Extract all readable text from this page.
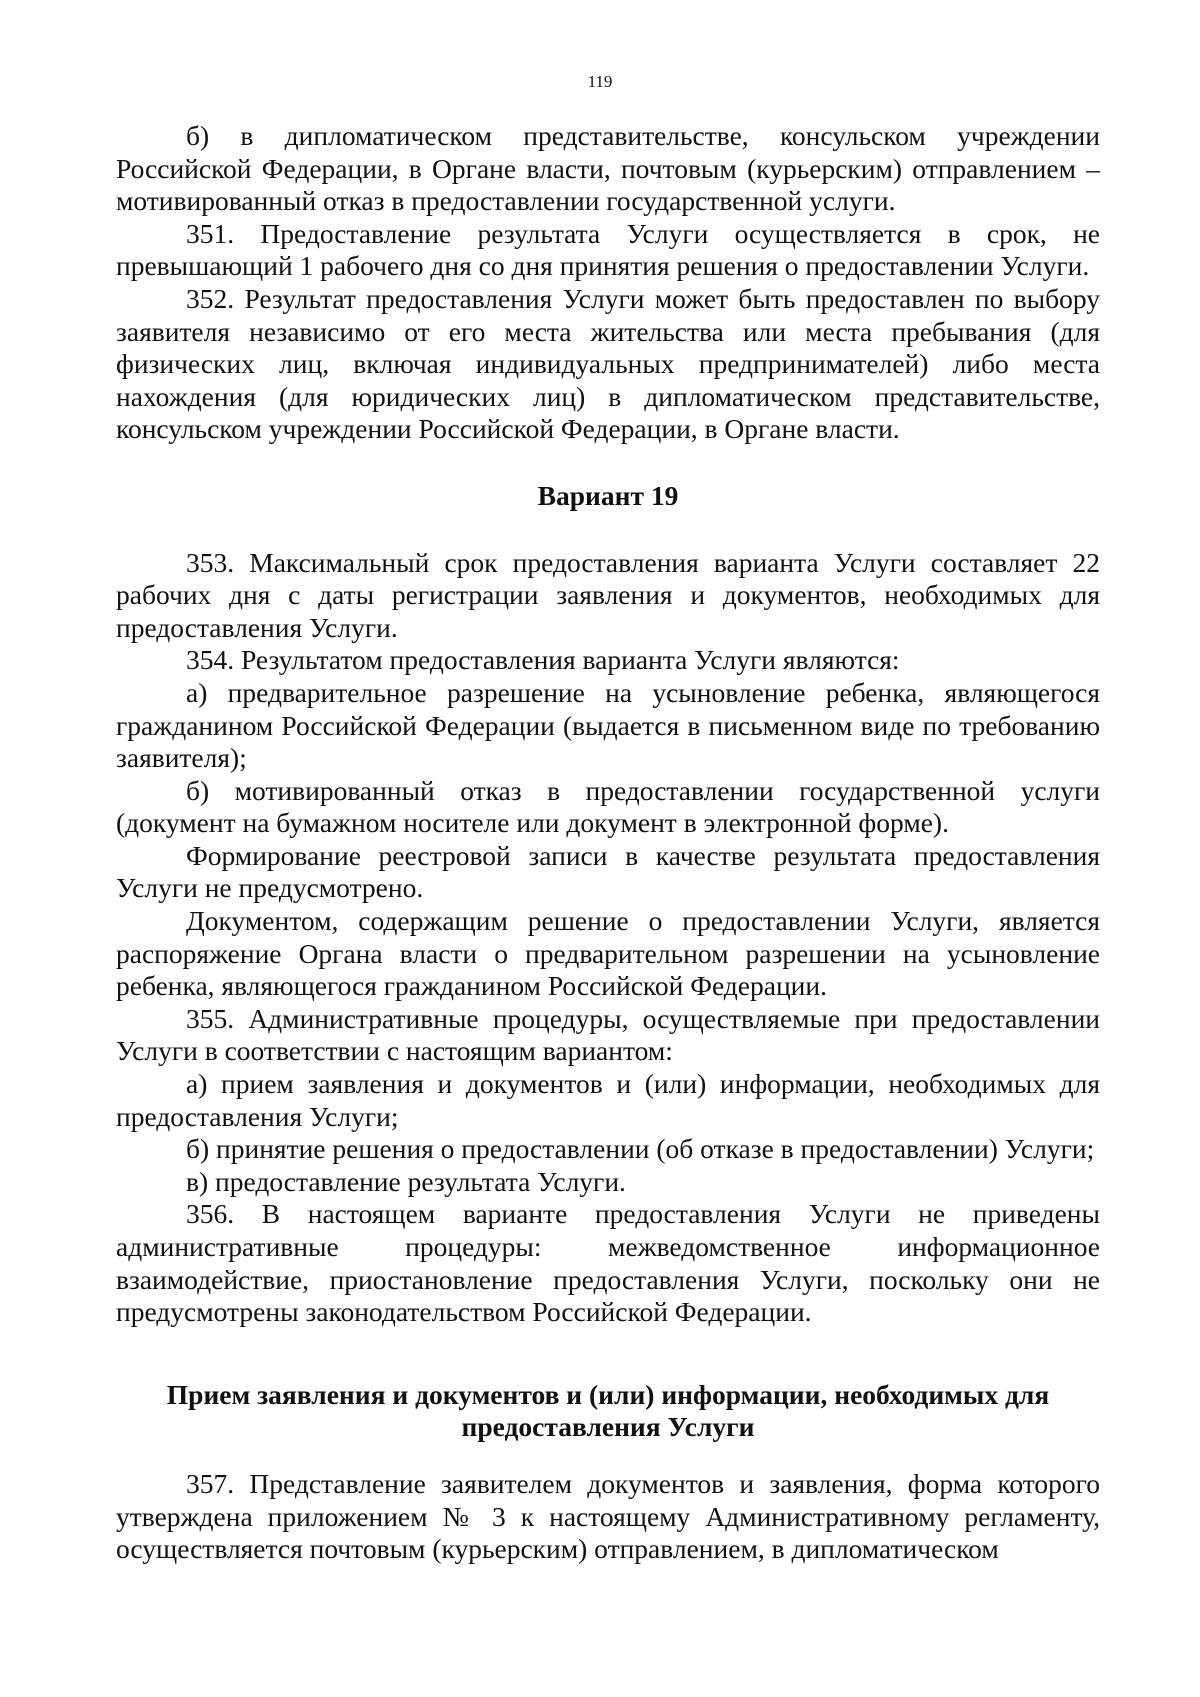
119

б) в дипломатическом представительстве, консульском учреждении Российской Федерации, в Органе власти, почтовым (курьерским) отправлением – мотивированный отказ в предоставлении государственной услуги.

351. Предоставление результата Услуги осуществляется в срок, не превышающий 1 рабочего дня со дня принятия решения о предоставлении Услуги.

352. Результат предоставления Услуги может быть предоставлен по выбору заявителя независимо от его места жительства или места пребывания (для физических лиц, включая индивидуальных предпринимателей) либо места нахождения (для юридических лиц) в дипломатическом представительстве, консульском учреждении Российской Федерации, в Органе власти.

Вариант 19

353. Максимальный срок предоставления варианта Услуги составляет 22 рабочих дня с даты регистрации заявления и документов, необходимых для предоставления Услуги.

354. Результатом предоставления варианта Услуги являются:

а) предварительное разрешение на усыновление ребенка, являющегося гражданином Российской Федерации (выдается в письменном виде по требованию заявителя);

б) мотивированный отказ в предоставлении государственной услуги (документ на бумажном носителе или документ в электронной форме).

Формирование реестровой записи в качестве результата предоставления Услуги не предусмотрено.

Документом, содержащим решение о предоставлении Услуги, является распоряжение Органа власти о предварительном разрешении на усыновление ребенка, являющегося гражданином Российской Федерации.

355. Административные процедуры, осуществляемые при предоставлении Услуги в соответствии с настоящим вариантом:

а) прием заявления и документов и (или) информации, необходимых для предоставления Услуги;

б) принятие решения о предоставлении (об отказе в предоставлении) Услуги;

в) предоставление результата Услуги.

356. В настоящем варианте предоставления Услуги не приведены административные процедуры: межведомственное информационное взаимодействие, приостановление предоставления Услуги, поскольку они не предусмотрены законодательством Российской Федерации.

Прием заявления и документов и (или) информации, необходимых для предоставления Услуги

357. Представление заявителем документов и заявления, форма которого утверждена приложением № 3 к настоящему Административному регламенту, осуществляется почтовым (курьерским) отправлением, в дипломатическом
